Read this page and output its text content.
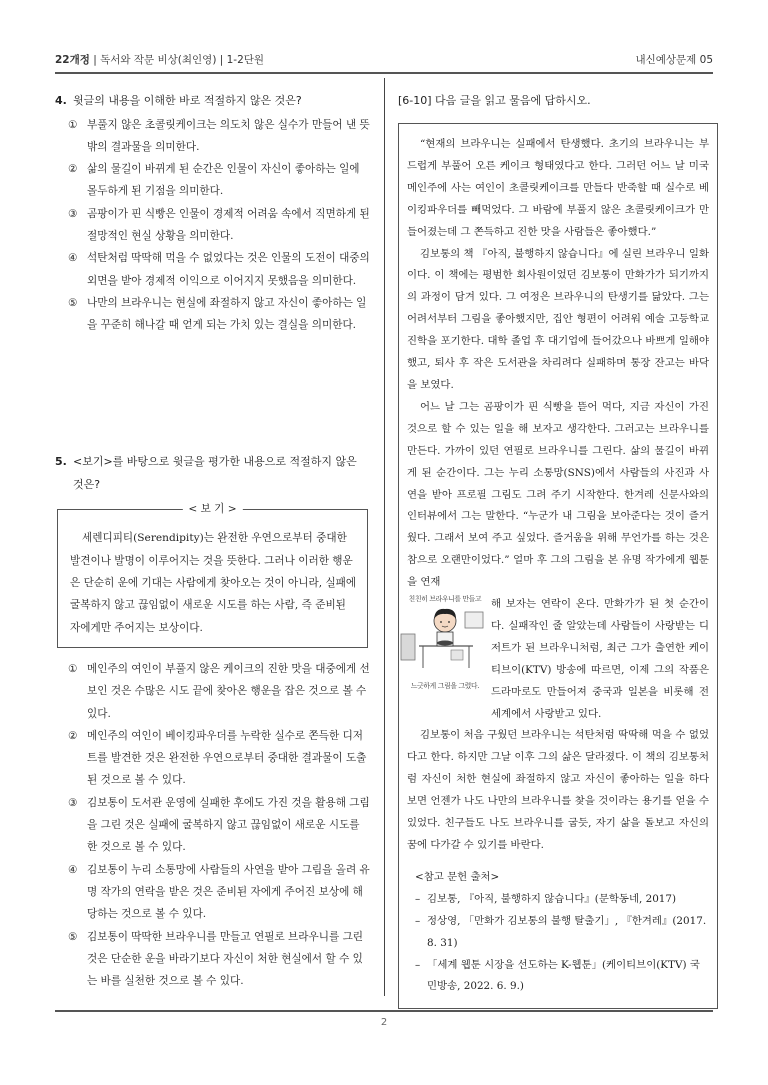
22개정 | 독서와 작문 비상(최인영) | 1-2단원	내신예상문제 05
4. 윗글의 내용을 이해한 바로 적절하지 않은 것은?
① 부풀지 않은 초콜릿케이크는 의도치 않은 실수가 만들어 낸 뜻밖의 결과물을 의미한다.
② 삶의 물길이 바뀌게 된 순간은 인물이 자신이 좋아하는 일에 몰두하게 된 기점을 의미한다.
③ 곰팡이가 핀 식빵은 인물이 경제적 어려움 속에서 직면하게 된 절망적인 현실 상황을 의미한다.
④ 석탄처럼 딱딱해 먹을 수 없었다는 것은 인물의 도전이 대중의 외면을 받아 경제적 이익으로 이어지지 못했음을 의미한다.
⑤ 나만의 브라우니는 현실에 좌절하지 않고 자신이 좋아하는 일을 꾸준히 해나갈 때 얻게 되는 가치 있는 결실을 의미한다.
5. <보기>를 바탕으로 윗글을 평가한 내용으로 적절하지 않은 것은?
< 보 기 >
세렌디피티(Serendipity)는 완전한 우연으로부터 중대한 발견이나 발명이 이루어지는 것을 뜻한다. 그러나 이러한 행운은 단순히 운에 기대는 사람에게 찾아오는 것이 아니라, 실패에 굴복하지 않고 끊임없이 새로운 시도를 하는 사람, 즉 준비된 자에게만 주어지는 보상이다.
① 메인주의 여인이 부풀지 않은 케이크의 진한 맛을 대중에게 선보인 것은 수많은 시도 끝에 찾아온 행운을 잡은 것으로 볼 수 있다.
② 메인주의 여인이 베이킹파우더를 누락한 실수로 쫀득한 디저트를 발견한 것은 완전한 우연으로부터 중대한 결과물이 도출된 것으로 볼 수 있다.
③ 김보통이 도서관 운영에 실패한 후에도 가진 것을 활용해 그림을 그린 것은 실패에 굴복하지 않고 끊임없이 새로운 시도를 한 것으로 볼 수 있다.
④ 김보통이 누리 소통망에 사람들의 사연을 받아 그림을 올려 유명 작가의 연락을 받은 것은 준비된 자에게 주어진 보상에 해당하는 것으로 볼 수 있다.
⑤ 김보통이 딱딱한 브라우니를 만들고 연필로 브라우니를 그린 것은 단순한 운을 바라기보다 자신이 처한 현실에서 할 수 있는 바를 실천한 것으로 볼 수 있다.
[6-10] 다음 글을 읽고 물음에 답하시오.

“현재의 브라우니는 실패에서 탄생했다. 초기의 브라우니는 부드럽게 부풀어 오른 케이크 형태였다고 한다. 그러던 어느 날 미국 메인주에 사는 여인이 초콜릿케이크를 만들다 반죽할 때 실수로 베이킹파우더를 빼먹었다. 그 바람에 부풀지 않은 초콜릿케이크가 만들어졌는데 그 쫀득하고 진한 맛을 사람들은 좋아했다.”

김보통의 책 『아직, 불행하지 않습니다』에 실린 브라우니 일화이다. 이 책에는 평범한 회사원이었던 김보통이 만화가가 되기까지의 과정이 담겨 있다. 그 여정은 브라우니의 탄생기를 닮았다. 그는 어려서부터 그림을 좋아했지만, 집안 형편이 어려워 예술 고등학교 진학을 포기한다. 대학 졸업 후 대기업에 들어갔으나 바쁘게 일해야 했고, 퇴사 후 작은 도서관을 차리려다 실패하며 통장 잔고는 바닥을 보였다.

어느 날 그는 곰팡이가 핀 식빵을 뜯어 먹다, 지금 자신이 가진 것으로 할 수 있는 일을 해 보자고 생각한다. 그러고는 브라우니를 만든다. 가까이 있던 연필로 브라우니를 그린다. 삶의 물길이 바뀌게 된 순간이다. 그는 누리 소통망(SNS)에서 사람들의 사진과 사연을 받아 프로필 그림도 그려 주기 시작한다. 한겨레 신문사와의 인터뷰에서 그는 말한다. “누군가 내 그림을 보아준다는 것이 즐거웠다. 그래서 보여 주고 싶었다. 즐거움을 위해 무언가를 하는 것은 참으로 오랜만이었다.” 얼마 후 그의 그림을 본 유명 작가에게 웹툰을 연재

친친히 브라우니를 만들고
느긋하게 그림을 그렸다.
해 보자는 연락이 온다. 만화가가 된 첫 순간이다. 실패작인 줄 알았는데 사람들이 사랑받는 디저트가 된 브라우니처럼, 최근 그가 출연한 케이티브이(KTV) 방송에 따르면, 이제 그의 작품은 드라마로도 만들어져 중국과 일본을 비롯해 전 세계에서 사랑받고 있다.

김보통이 처음 구웠던 브라우니는 석탄처럼 딱딱해 먹을 수 없었다고 한다. 하지만 그날 이후 그의 삶은 달라졌다. 이 책의 김보통처럼 자신이 처한 현실에 좌절하지 않고 자신이 좋아하는 일을 하다 보면 언젠가 나도 나만의 브라우니를 찾을 것이라는 용기를 얻을 수 있었다. 친구들도 나도 브라우니를 굽듯, 자기 삶을 돌보고 자신의 꿈에 다가갈 수 있기를 바란다.

<참고 문헌 출처>
– 김보통, 『아직, 불행하지 않습니다』(문학동네, 2017)
– 정상영, 「만화가 김보통의 불행 탈출기」, 『한겨레』(2017. 8. 31)
– 「세계 웹툰 시장을 선도하는 K-웹툰」(케이티브이(KTV) 국민방송, 2022. 6. 9.)
2
